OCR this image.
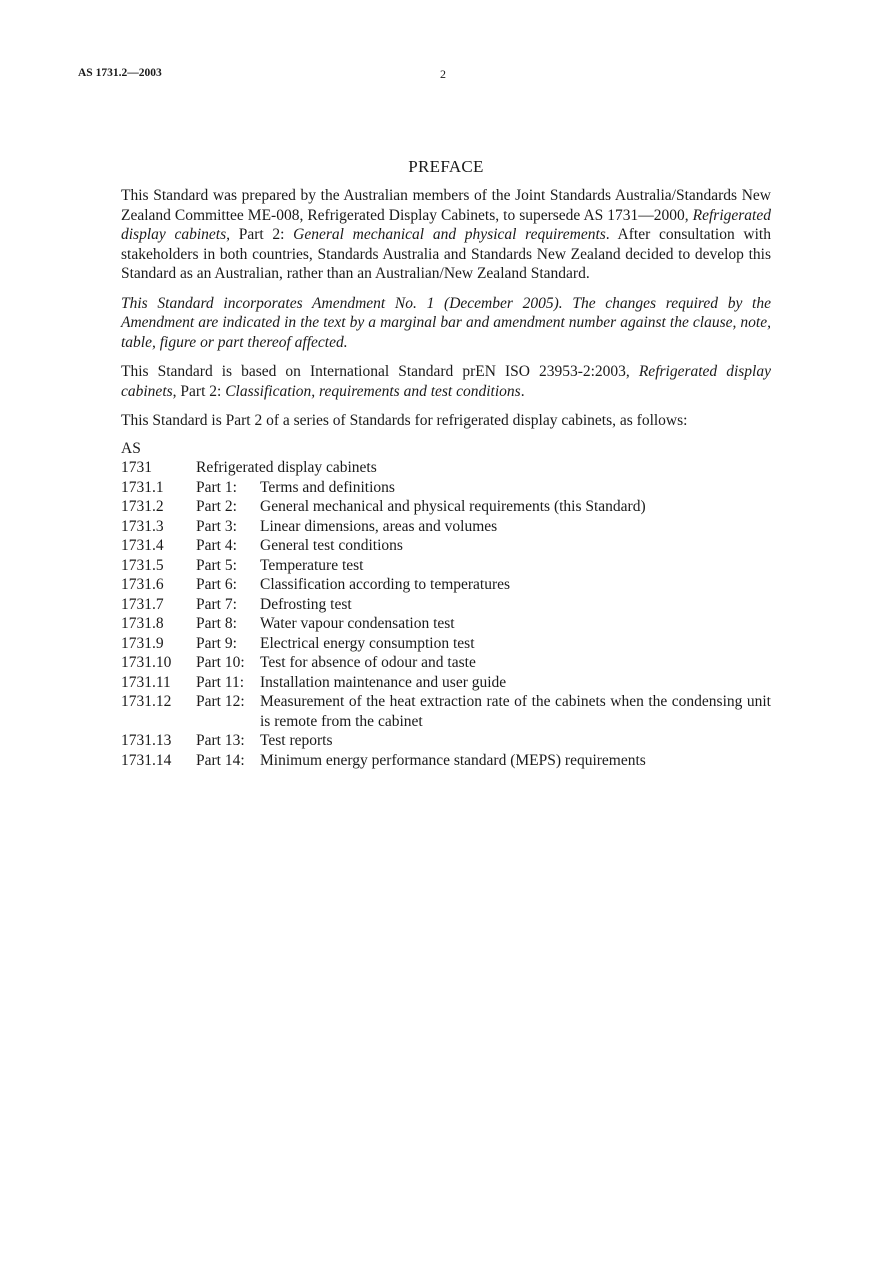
AS 1731.2—2003	2
PREFACE

This Standard was prepared by the Australian members of the Joint Standards Australia/Standards New Zealand Committee ME-008, Refrigerated Display Cabinets, to supersede AS 1731—2000, Refrigerated display cabinets, Part 2: General mechanical and physical requirements. After consultation with stakeholders in both countries, Standards Australia and Standards New Zealand decided to develop this Standard as an Australian, rather than an Australian/New Zealand Standard.

This Standard incorporates Amendment No. 1 (December 2005). The changes required by the Amendment are indicated in the text by a marginal bar and amendment number against the clause, note, table, figure or part thereof affected.

This Standard is based on International Standard prEN ISO 23953-2:2003, Refrigerated display cabinets, Part 2: Classification, requirements and test conditions.

This Standard is Part 2 of a series of Standards for refrigerated display cabinets, as follows:

AS
1731	Refrigerated display cabinets
1731.1	Part 1:	Terms and definitions
1731.2	Part 2:	General mechanical and physical requirements (this Standard)
1731.3	Part 3:	Linear dimensions, areas and volumes
1731.4	Part 4:	General test conditions
1731.5	Part 5:	Temperature test
1731.6	Part 6:	Classification according to temperatures
1731.7	Part 7:	Defrosting test
1731.8	Part 8:	Water vapour condensation test
1731.9	Part 9:	Electrical energy consumption test
1731.10	Part 10: Test for absence of odour and taste
1731.11	Part 11:	Installation maintenance and user guide
1731.12	Part 12: Measurement of the heat extraction rate of the cabinets when the condensing unit is remote from the cabinet
1731.13	Part 13: Test reports
1731.14	Part 14: Minimum energy performance standard (MEPS) requirements
